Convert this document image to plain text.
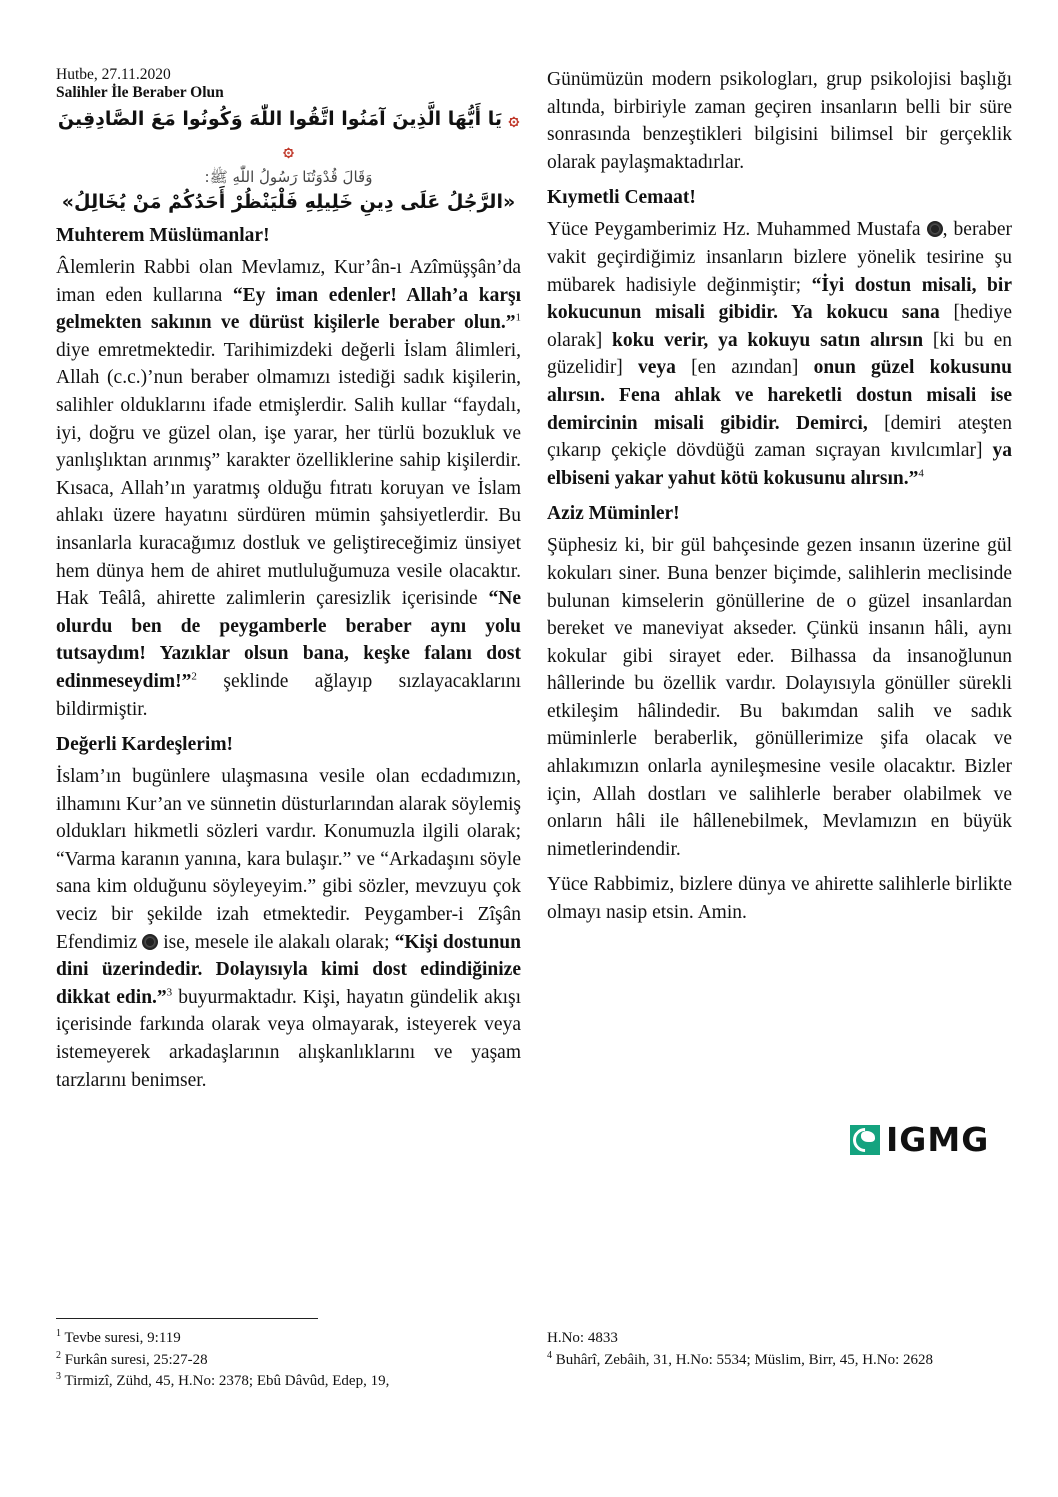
Hutbe, 27.11.2020
Salihler İle Beraber Olun
۞ يَا أَيُّهَا الَّذِينَ آمَنُوا اتَّقُوا اللّٰهَ وَكُونُوا مَعَ الصَّادِقِينَ ۞
وَقَالَ قُدْوَتُنَا رَسُولُ اللّٰهِ ﷺ:
«الرَّجُلُ عَلَى دِينِ خَلِيلِهِ فَلْيَنْظُرْ أَحَدُكُمْ مَنْ يُخَالِلُ»
Muhterem Müslümanlar!

Âlemlerin Rabbi olan Mevlamız, Kur’ân-ı Azîmüşşân’da iman eden kullarına “Ey iman edenler! Allah’a karşı gelmekten sakının ve dürüst kişilerle beraber olun.”$^1$ diye emretmektedir. Tarihimizdeki değerli İslam âlimleri, Allah (c.c.)’nun beraber olmamızı istediği sadık kişilerin, salihler olduklarını ifade etmişlerdir. Salih kullar “faydalı, iyi, doğru ve güzel olan, işe yarar, her türlü bozukluk ve yanlışlıktan arınmış” karakter özelliklerine sahip kişilerdir. Kısaca, Allah’ın yaratmış olduğu fıtratı koruyan ve İslam ahlakı üzere hayatını sürdüren mümin şahsiyetlerdir. Bu insanlarla kuracağımız dostluk ve geliştireceğimiz ünsiyet hem dünya hem de ahiret mutluluğumuza vesile olacaktır. Hak Teâlâ, ahirette zalimlerin çaresizlik içerisinde “Ne olurdu ben de peygamberle beraber aynı yolu tutsaydım! Yazıklar olsun bana, keşke falanı dost edinmeseydim!”$^2$ şeklinde ağlayıp sızlayacaklarını bildirmiştir.

Değerli Kardeşlerim!

İslam’ın bugünlere ulaşmasına vesile olan ecdadımızın, ilhamını Kur’an ve sünnetin düsturlarından alarak söylemiş oldukları hikmetli sözleri vardır. Konumuzla ilgili olarak; “Varma karanın yanına, kara bulaşır.” ve “Arkadaşını söyle sana kim olduğunu söyleyeyim.” gibi sözler, mevzuyu çok veciz bir şekilde izah etmektedir. Peygamber-i Zîşân Efendimiz  ise, mesele ile alakalı olarak; “Kişi dostunun dini üzerindedir. Dolayısıyla kimi dost edindiğinize dikkat edin.”$^3$ buyurmaktadır. Kişi, hayatın gündelik akışı içerisinde farkında olarak veya olmayarak, isteyerek veya istemeyerek arkadaşlarının alışkanlıklarını ve yaşam tarzlarını benimser.

Günümüzün modern psikologları, grup psikolojisi başlığı altında, birbiriyle zaman geçiren insanların belli bir süre sonrasında benzeştikleri bilgisini bilimsel bir gerçeklik olarak paylaşmaktadırlar.

Kıymetli Cemaat!

Yüce Peygamberimiz Hz. Muhammed Mustafa , beraber vakit geçirdiğimiz insanların bizlere yönelik tesirine şu mübarek hadisiyle değinmiştir; “İyi dostun misali, bir kokucunun misali gibidir. Ya kokucu sana [hediye olarak] koku verir, ya kokuyu satın alırsın [ki bu en güzelidir] veya [en azından] onun güzel kokusunu alırsın. Fena ahlak ve hareketli dostun misali ise demircinin misali gibidir. Demirci, [demiri ateşten çıkarıp çekiçle dövdüğü zaman sıçrayan kıvılcımlar] ya elbiseni yakar yahut kötü kokusunu alırsın.”$^4$

Aziz Müminler!

Şüphesiz ki, bir gül bahçesinde gezen insanın üzerine gül kokuları siner. Buna benzer biçimde, salihlerin meclisinde bulunan kimselerin gönüllerine de o güzel insanlardan bereket ve maneviyat akseder. Çünkü insanın hâli, aynı kokular gibi sirayet eder. Bilhassa da insanoğlunun hâllerinde bu özellik vardır. Dolayısıyla gönüller sürekli etkileşim hâlindedir. Bu bakımdan salih ve sadık müminlerle beraberlik, gönüllerimize şifa olacak ve ahlakımızın onlarla aynileşmesine vesile olacaktır. Bizler için, Allah dostları ve salihlerle beraber olabilmek ve onların hâli ile hâllenebilmek, Mevlamızın en büyük nimetlerindendir.

Yüce Rabbimiz, bizlere dünya ve ahirette salihlerle birlikte olmayı nasip etsin. Amin.

IGMG
$^1$ Tevbe suresi, 9:119
$^2$ Furkân suresi, 25:27-28
$^3$ Tirmizî, Zühd, 45, H.No: 2378; Ebû Dâvûd, Edep, 19,
H.No: 4833
$^4$ Buhârî, Zebâih, 31, H.No: 5534; Müslim, Birr, 45, H.No: 2628
